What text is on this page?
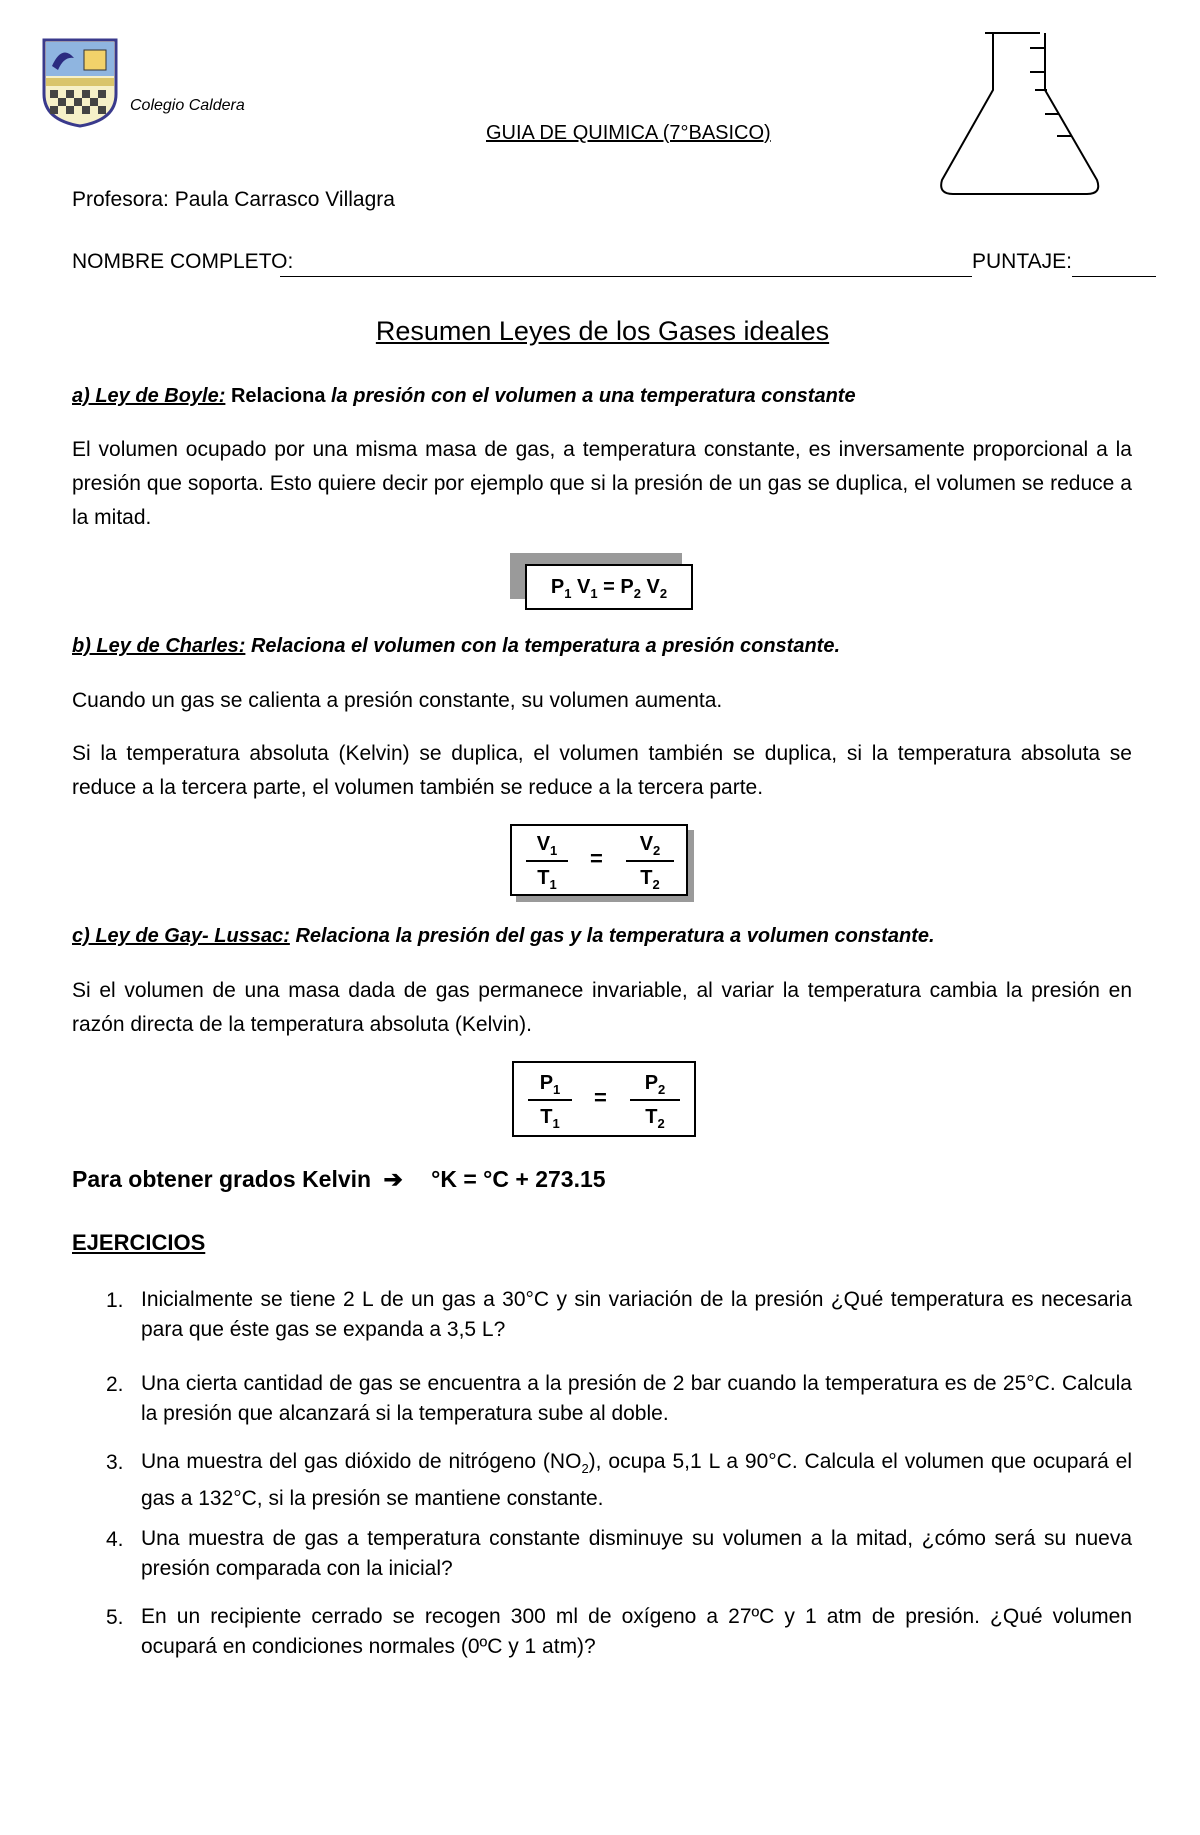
Colegio Caldera
GUIA DE QUIMICA (7°BASICO)
Profesora: Paula Carrasco Villagra
NOMBRE COMPLETO:	PUNTAJE:
Resumen Leyes de los Gases ideales
a) Ley de Boyle: Relaciona la presión con el volumen a una temperatura constante
El volumen ocupado por una misma masa de gas, a temperatura constante, es inversamente proporcional a la presión que soporta. Esto quiere decir por ejemplo que si la presión de un gas se duplica, el volumen se reduce a la mitad.
$P_1$ $V_1 = P_2$ $V_2$
b) Ley de Charles: Relaciona el volumen con la temperatura a presión constante.
Cuando un gas se calienta a presión constante, su volumen aumenta.
Si la temperatura absoluta (Kelvin) se duplica, el volumen también se duplica, si la temperatura absoluta se reduce a la tercera parte, el volumen también se reduce a la tercera parte.
$V_1$
$T_1$
=
$V_2$
$T_2$
c) Ley de Gay- Lussac: Relaciona la presión del gas y la temperatura a volumen constante.
Si el volumen de una masa dada de gas permanece invariable, al variar la temperatura cambia la presión en razón directa de la temperatura absoluta (Kelvin).
$P_1$
$T_1$
=
$P_2$
$T_2$
Para obtener grados Kelvin ➔ °K = °C + 273.15
EJERCICIOS
1. Inicialmente se tiene 2 L de un gas a 30°C y sin variación de la presión ¿Qué temperatura es necesaria para que éste gas se expanda a 3,5 L?
2. Una cierta cantidad de gas se encuentra a la presión de 2 bar cuando la temperatura es de 25°C. Calcula la presión que alcanzará si la temperatura sube al doble.
3. Una muestra del gas dióxido de nitrógeno $(NO_2)$, ocupa 5,1 L a 90°C. Calcula el volumen que ocupará el gas a 132°C, si la presión se mantiene constante.
4. Una muestra de gas a temperatura constante disminuye su volumen a la mitad, ¿cómo será su nueva presión comparada con la inicial?
5. En un recipiente cerrado se recogen 300 ml de oxígeno a 27ºC y 1 atm de presión. ¿Qué volumen ocupará en condiciones normales (0ºC y 1 atm)?
